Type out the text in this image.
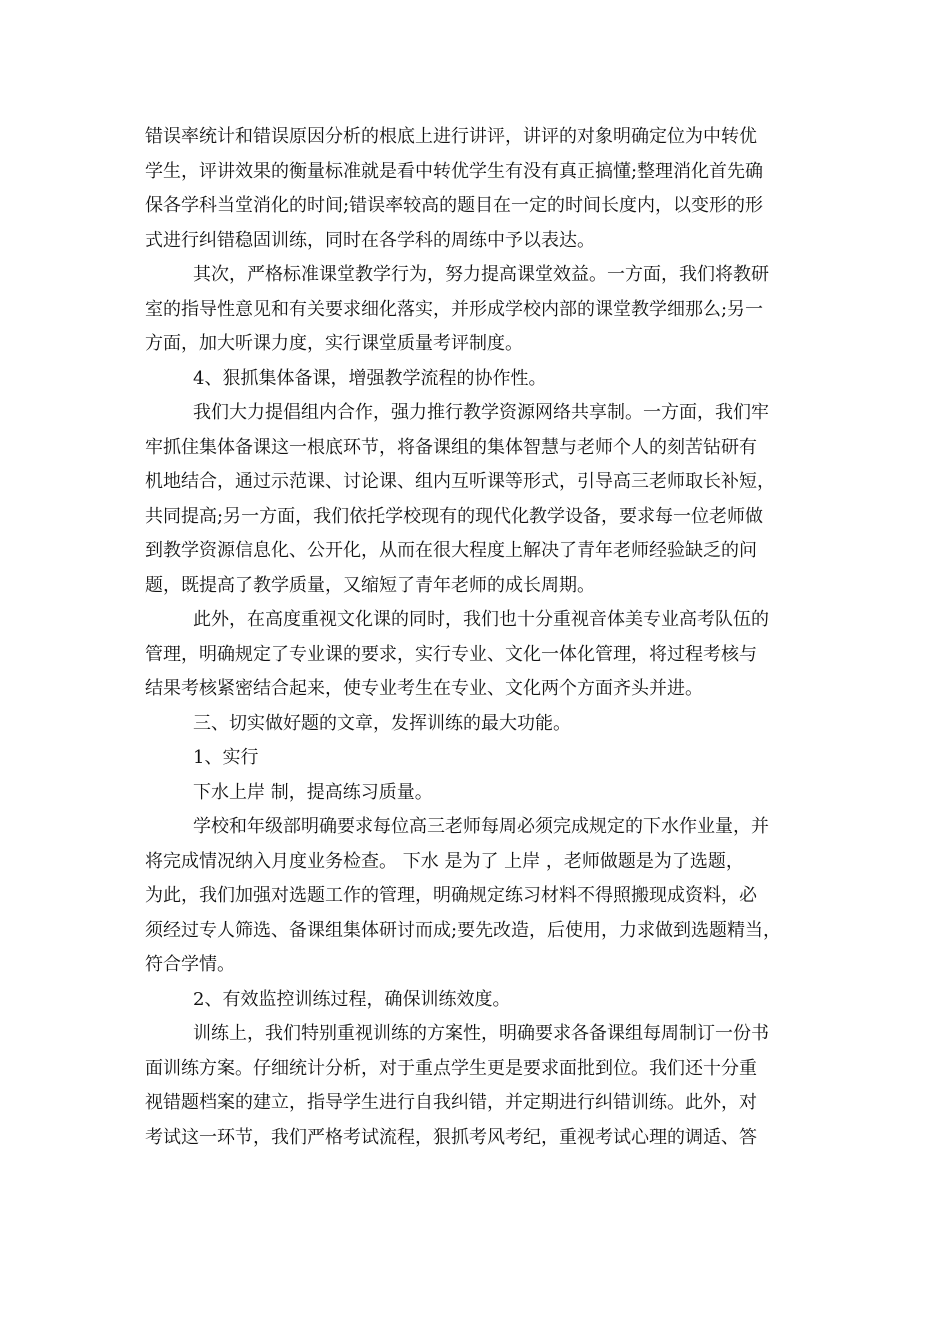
错误率统计和错误原因分析的根底上进行讲评，讲评的对象明确定位为中转优
学生，评讲效果的衡量标准就是看中转优学生有没有真正搞懂;整理消化首先确
保各学科当堂消化的时间;错误率较高的题目在一定的时间长度内，以变形的形
式进行纠错稳固训练，同时在各学科的周练中予以表达。
其次，严格标准课堂教学行为，努力提高课堂效益。一方面，我们将教研
室的指导性意见和有关要求细化落实，并形成学校内部的课堂教学细那么;另一
方面，加大听课力度，实行课堂质量考评制度。
4、狠抓集体备课，增强教学流程的协作性。
我们大力提倡组内合作，强力推行教学资源网络共享制。一方面，我们牢
牢抓住集体备课这一根底环节，将备课组的集体智慧与老师个人的刻苦钻研有
机地结合，通过示范课、讨论课、组内互听课等形式，引导高三老师取长补短，
共同提高;另一方面，我们依托学校现有的现代化教学设备，要求每一位老师做
到教学资源信息化、公开化，从而在很大程度上解决了青年老师经验缺乏的问
题，既提高了教学质量，又缩短了青年老师的成长周期。
此外，在高度重视文化课的同时，我们也十分重视音体美专业高考队伍的
管理，明确规定了专业课的要求，实行专业、文化一体化管理，将过程考核与
结果考核紧密结合起来，使专业考生在专业、文化两个方面齐头并进。
三、切实做好题的文章，发挥训练的最大功能。
1、实行
下水上岸 制，提高练习质量。
学校和年级部明确要求每位高三老师每周必须完成规定的下水作业量，并
将完成情况纳入月度业务检查。 下水 是为了 上岸 ，老师做题是为了选题，
为此，我们加强对选题工作的管理，明确规定练习材料不得照搬现成资料，必
须经过专人筛选、备课组集体研讨而成;要先改造，后使用，力求做到选题精当，
符合学情。
2、有效监控训练过程，确保训练效度。
训练上，我们特别重视训练的方案性，明确要求各备课组每周制订一份书
面训练方案。仔细统计分析，对于重点学生更是要求面批到位。我们还十分重
视错题档案的建立，指导学生进行自我纠错，并定期进行纠错训练。此外，对
考试这一环节，我们严格考试流程，狠抓考风考纪，重视考试心理的调适、答
